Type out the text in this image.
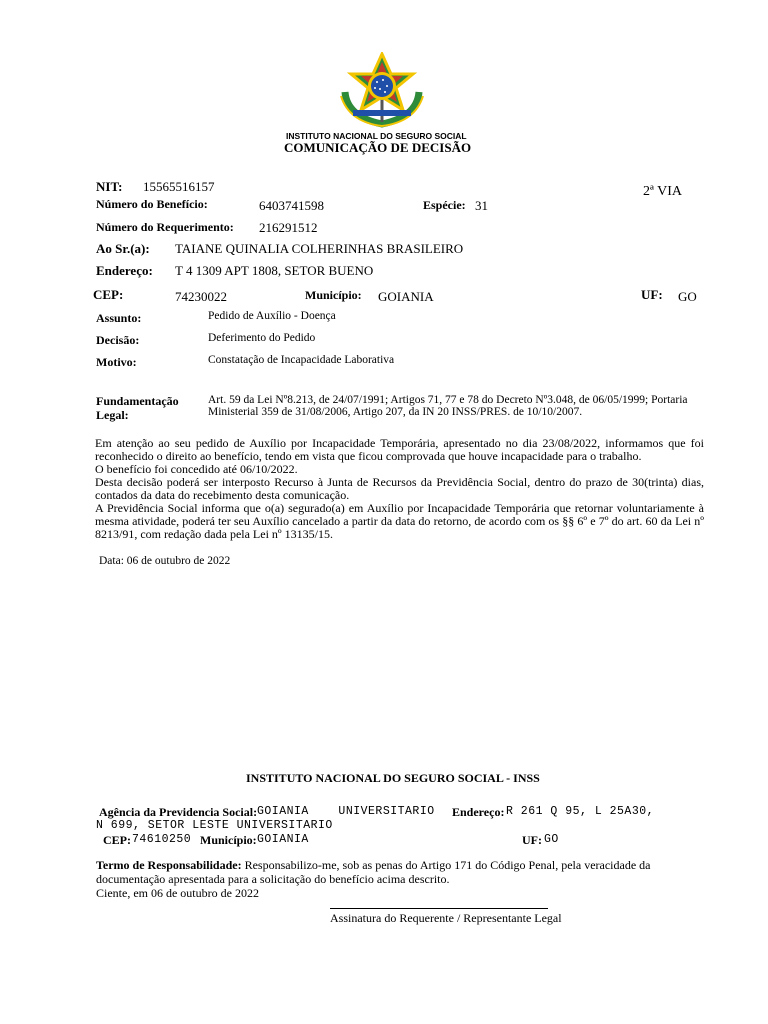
INSTITUTO NACIONAL DO SEGURO SOCIAL
COMUNICAÇÃO DE DECISÃO
2ª VIA
NIT: 15565516157
Número do Benefício:	6403741598	Espécie: 31
Número do Requerimento: 216291512
Ao Sr.(a): TAIANE QUINALIA COLHERINHAS BRASILEIRO
Endereço: T 4 1309 APT 1808, SETOR BUENO
CEP:	74230022	Município: GOIANIA	UF: GO
Assunto:	Pedido de Auxílio - Doença
Decisão:	Deferimento do Pedido
Motivo:	Constatação de Incapacidade Laborativa
Fundamentação
Legal:
Art. 59 da Lei Nº8.213, de 24/07/1991; Artigos 71, 77 e 78 do Decreto Nº3.048, de 06/05/1999; Portaria Ministerial 359 de 31/08/2006, Artigo 207, da IN 20 INSS/PRES. de 10/10/2007.

Em atenção ao seu pedido de Auxílio por Incapacidade Temporária, apresentado no dia 23/08/2022, informamos que foi reconhecido o direito ao benefício, tendo em vista que ficou comprovada que houve incapacidade para o trabalho.

O benefício foi concedido até 06/10/2022.

Desta decisão poderá ser interposto Recurso à Junta de Recursos da Previdência Social, dentro do prazo de 30(trinta) dias, contados da data do recebimento desta comunicação.

A Previdência Social informa que o(a) segurado(a) em Auxílio por Incapacidade Temporária que retornar voluntariamente à mesma atividade, poderá ter seu Auxílio cancelado a partir da data do retorno, de acordo com os §§ 6º e 7º do art. 60 da Lei nº 8213/91, com redação dada pela Lei nº 13135/15.

Data: 06 de outubro de 2022
INSTITUTO NACIONAL DO SEGURO SOCIAL - INSS
Agência da Previdencia Social: GOIANIA    UNIVERSITARIO Endereço: R 261 Q 95, L 25A30,
N 699, SETOR LESTE UNIVERSITARIO
CEP: 74610250 Município: GOIANIA	UF: GO
Termo de Responsabilidade: Responsabilizo-me, sob as penas do Artigo 171 do Código Penal, pela veracidade da
documentação apresentada para a solicitação do benefício acima descrito.
Ciente, em 06 de outubro de 2022
Assinatura do Requerente / Representante Legal
